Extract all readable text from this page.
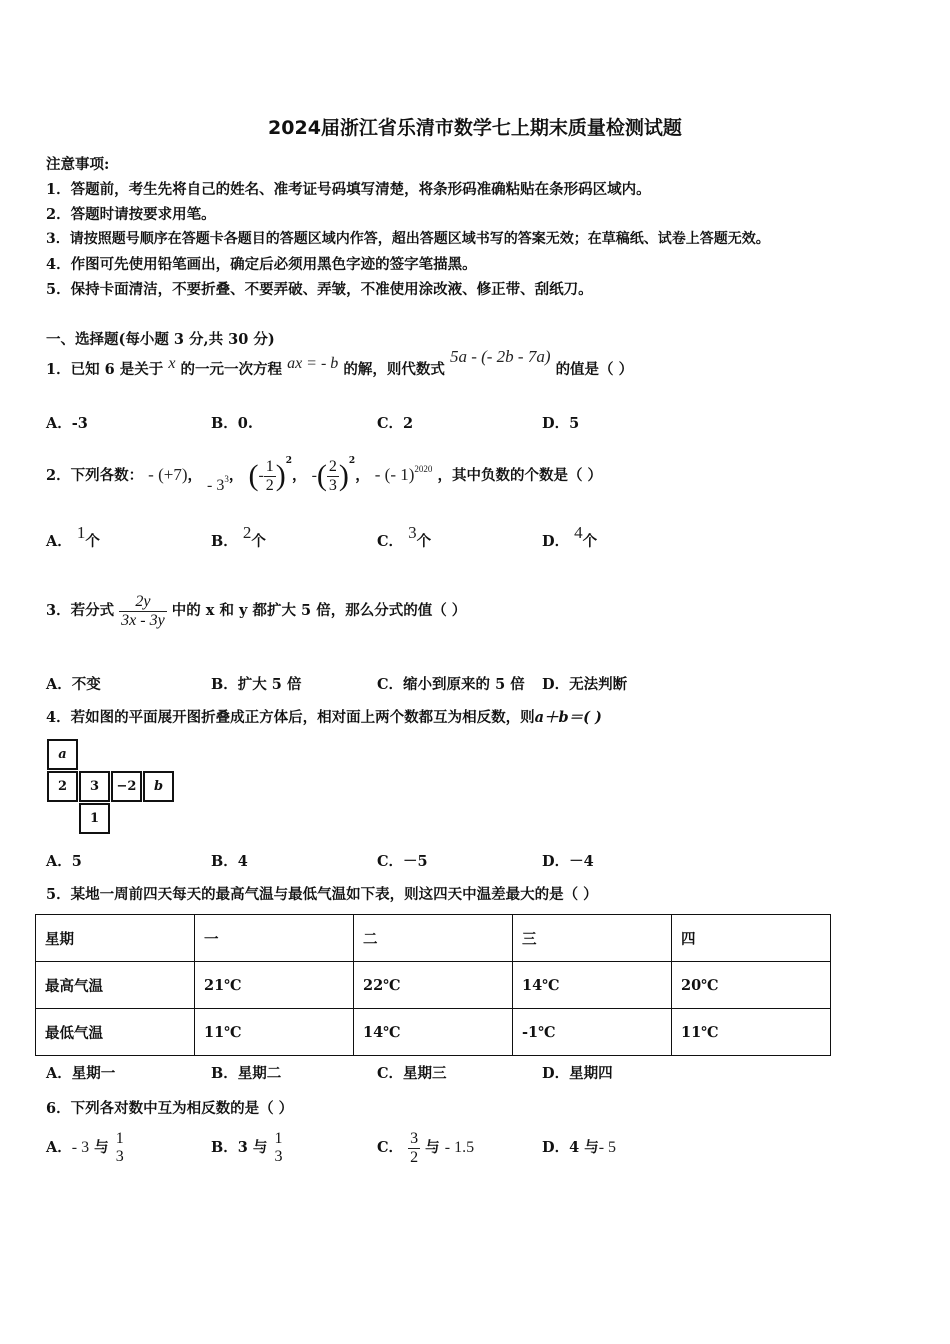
2024届浙江省乐清市数学七上期末质量检测试题
注意事项:
1．答题前，考生先将自己的姓名、准考证号码填写清楚，将条形码准确粘贴在条形码区域内。
2．答题时请按要求用笔。
3．请按照题号顺序在答题卡各题目的答题区域内作答，超出答题区域书写的答案无效；在草稿纸、试卷上答题无效。
4．作图可先使用铅笔画出，确定后必须用黑色字迹的签字笔描黑。
5．保持卡面清洁，不要折叠、不要弄破、弄皱，不准使用涂改液、修正带、刮纸刀。
一、选择题(每小题 3 分,共 30 分)
1．已知 6 是关于 x 的一元一次方程 ax = - b 的解，则代数式 5a - (- 2b - 7a) 的值是（ ）
A．-3	B．0.	C．2	D．5
2．下列各数： - (+7)， - $3^3$， (- $\frac{1}{2} )^2$， -( $\frac{2}{3} )^2$， - (- 1)$^{2020}$ ，其中负数的个数是（ ）
A． 1个	B． 2个	C． 3个	D． 4个
3．若分式 $\frac{2y}{3x - 3y}$ 中的 x 和 y 都扩大 5 倍，那么分式的值（ ）
A．不变	B．扩大 5 倍	C．缩小到原来的 5 倍 D．无法判断
4．若如图的平面展开图折叠成正方体后，相对面上两个数都互为相反数，则a＋b＝( )
a
2	3	−2	b
1
A．5	B．4	C．－5	D．－4
5．某地一周前四天每天的最高气温与最低气温如下表，则这四天中温差最大的是（ ）
星期	一	二	三	四
最高气温	21℃	22℃	14℃	20℃
最低气温	11℃	14℃	-1℃	11℃
A．星期一	B．星期二	C．星期三	D．星期四
6．下列各对数中互为相反数的是（ ）
A．- 3 与
1
3
B．3 与
1
3
C． $\frac{3}{2}$ 与 - 1.5	D．4 与- 5
